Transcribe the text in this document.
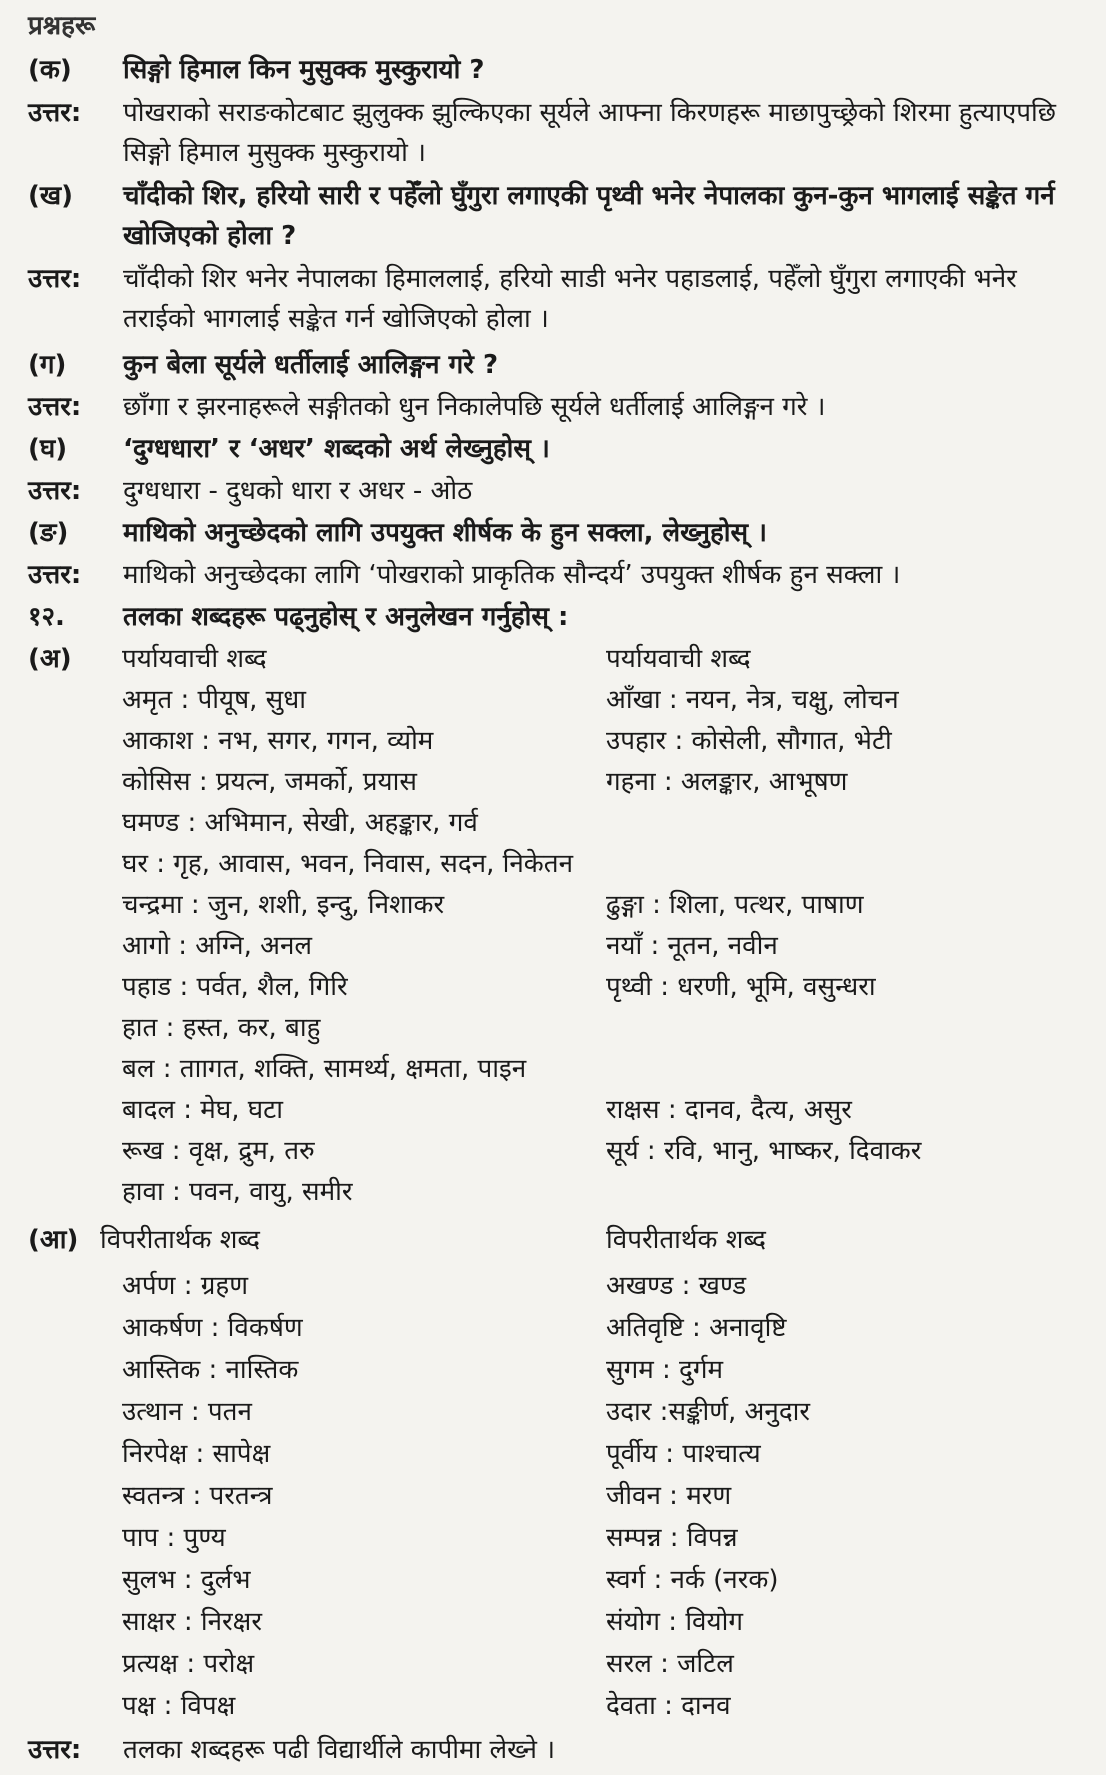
प्रश्नहरू
(क) सिङ्गो हिमाल किन मुसुक्क मुस्कुरायो ?
उत्तर: पोखराको सराङकोटबाट झुलुक्क झुल्किएका सूर्यले आफ्ना किरणहरू माछापुच्छ्रेको शिरमा हुत्याएपछि सिङ्गो हिमाल मुसुक्क मुस्कुरायो ।
(ख) चाँदीको शिर, हरियो सारी र पहेँलो घुँगुरा लगाएकी पृथ्वी भनेर नेपालका कुन-कुन भागलाई सङ्केत गर्न खोजिएको होला ?
उत्तर: चाँदीको शिर भनेर नेपालका हिमाललाई, हरियो साडी भनेर पहाडलाई, पहेँलो घुँगुरा लगाएकी भनेर तराईको भागलाई सङ्केत गर्न खोजिएको होला ।
(ग) कुन बेला सूर्यले धर्तीलाई आलिङ्गन गरे ?
उत्तर: छाँगा र झरनाहरूले सङ्गीतको धुन निकालेपछि सूर्यले धर्तीलाई आलिङ्गन गरे ।
(घ) ‘दुग्धधारा’ र ‘अधर’ शब्दको अर्थ लेख्नुहोस् ।
उत्तर: दुग्धधारा - दुधको धारा र अधर - ओठ
(ङ) माथिको अनुच्छेदको लागि उपयुक्त शीर्षक के हुन सक्ला, लेख्नुहोस् ।
उत्तर: माथिको अनुच्छेदका लागि ‘पोखराको प्राकृतिक सौन्दर्य’ उपयुक्त शीर्षक हुन सक्ला ।
१२. तलका शब्दहरू पढ्नुहोस् र अनुलेखन गर्नुहोस् :
(अ) पर्यायवाची शब्द	पर्यायवाची शब्द
अमृत : पीयूष, सुधा	आँखा : नयन, नेत्र, चक्षु, लोचन
आकाश : नभ, सगर, गगन, व्योम	उपहार : कोसेली, सौगात, भेटी
कोसिस : प्रयत्न, जमर्को, प्रयास	गहना : अलङ्कार, आभूषण
घमण्ड : अभिमान, सेखी, अहङ्कार, गर्व
घर : गृह, आवास, भवन, निवास, सदन, निकेतन
चन्द्रमा : जुन, शशी, इन्दु, निशाकर	ढुङ्गा : शिला, पत्थर, पाषाण
आगो : अग्नि, अनल	नयाँ : नूतन, नवीन
पहाड : पर्वत, शैल, गिरि	पृथ्वी : धरणी, भूमि, वसुन्धरा
हात : हस्त, कर, बाहु
बल : ताागत, शक्ति, सामर्थ्य, क्षमता, पाइन
बादल : मेघ, घटा	राक्षस : दानव, दैत्य, असुर
रूख : वृक्ष, द्रुम, तरु	सूर्य : रवि, भानु, भाष्कर, दिवाकर
हावा : पवन, वायु, समीर
(आ) विपरीतार्थक शब्द	विपरीतार्थक शब्द
अर्पण : ग्रहण	अखण्ड : खण्ड
आकर्षण : विकर्षण	अतिवृष्टि : अनावृष्टि
आस्तिक : नास्तिक	सुगम : दुर्गम
उत्थान : पतन	उदार :सङ्कीर्ण, अनुदार
निरपेक्ष : सापेक्ष	पूर्वीय : पाश्चात्य
स्वतन्त्र : परतन्त्र	जीवन : मरण
पाप : पुण्य	सम्पन्न : विपन्न
सुलभ : दुर्लभ	स्वर्ग : नर्क (नरक)
साक्षर : निरक्षर	संयोग : वियोग
प्रत्यक्ष : परोक्ष	सरल : जटिल
पक्ष : विपक्ष	देवता : दानव
उत्तर: तलका शब्दहरू पढी विद्यार्थीले कापीमा लेख्ने ।
